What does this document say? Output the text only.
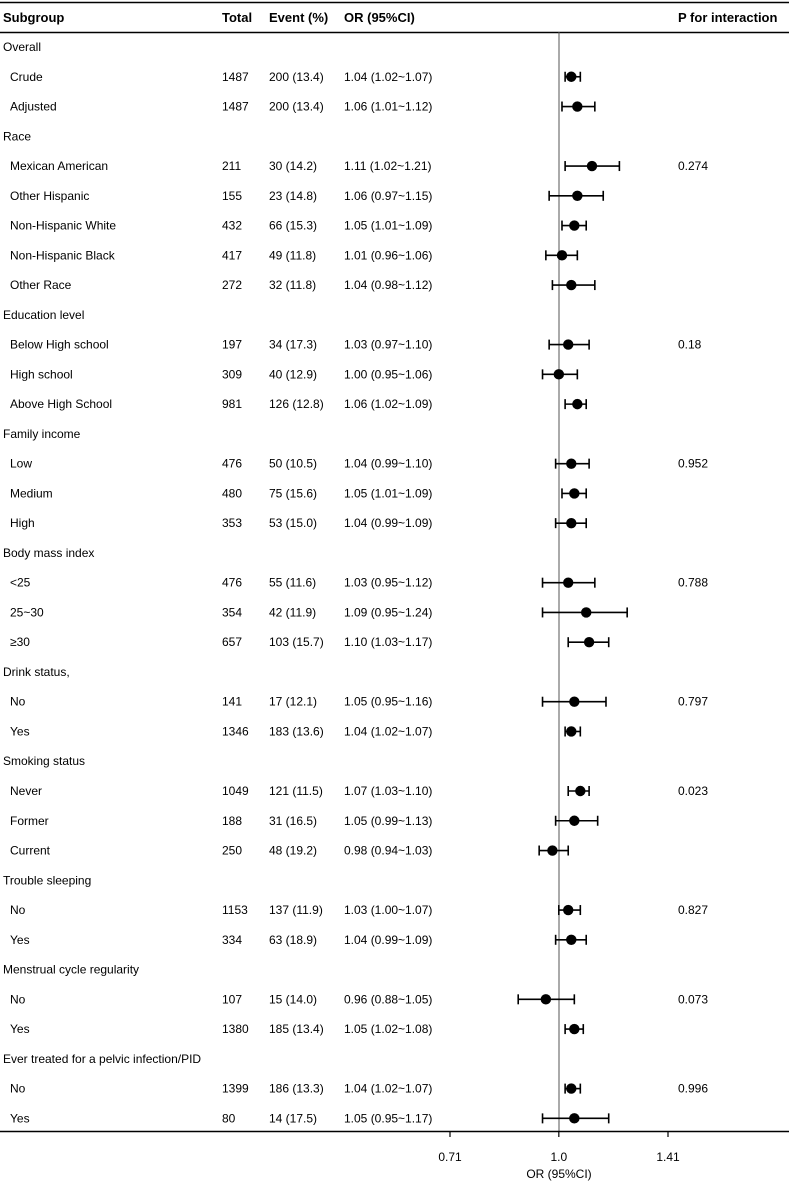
Subgroup	Total Event (%) OR (95%CI)	P for interaction
Overall
Crude	1487 200 (13.4) 1.04 (1.02~1.07)
Adjusted	1487 200 (13.4) 1.06 (1.01~1.12)
Race
Mexican American	211 30 (14.2) 1.11 (1.02~1.21)	0.274
Other Hispanic	155 23 (14.8) 1.06 (0.97~1.15)
Non-Hispanic White	432 66 (15.3) 1.05 (1.01~1.09)
Non-Hispanic Black	417 49 (11.8) 1.01 (0.96~1.06)
Other Race	272 32 (11.8) 1.04 (0.98~1.12)
Education level
Below High school	197 34 (17.3) 1.03 (0.97~1.10)	0.18
High school	309 40 (12.9) 1.00 (0.95~1.06)
Above High School	981 126 (12.8) 1.06 (1.02~1.09)
Family income
Low	476 50 (10.5) 1.04 (0.99~1.10)	0.952
Medium	480 75 (15.6) 1.05 (1.01~1.09)
High	353 53 (15.0) 1.04 (0.99~1.09)
Body mass index
<25	476 55 (11.6) 1.03 (0.95~1.12)	0.788
25~30	354 42 (11.9) 1.09 (0.95~1.24)
≥30	657 103 (15.7) 1.10 (1.03~1.17)
Drink status,
No	141 17 (12.1) 1.05 (0.95~1.16)	0.797
Yes	1346 183 (13.6) 1.04 (1.02~1.07)
Smoking status
Never	1049 121 (11.5) 1.07 (1.03~1.10)	0.023
Former	188 31 (16.5) 1.05 (0.99~1.13)
Current	250 48 (19.2) 0.98 (0.94~1.03)
Trouble sleeping
No	1153 137 (11.9) 1.03 (1.00~1.07)	0.827
Yes	334 63 (18.9) 1.04 (0.99~1.09)
Menstrual cycle regularity
No	107 15 (14.0) 0.96 (0.88~1.05)	0.073
Yes	1380 185 (13.4) 1.05 (1.02~1.08)
Ever treated for a pelvic infection/PID
No	1399 186 (13.3) 1.04 (1.02~1.07)	0.996
Yes	80	14 (17.5) 1.05 (0.95~1.17)
0.71	1.0	1.41
OR (95%CI)
